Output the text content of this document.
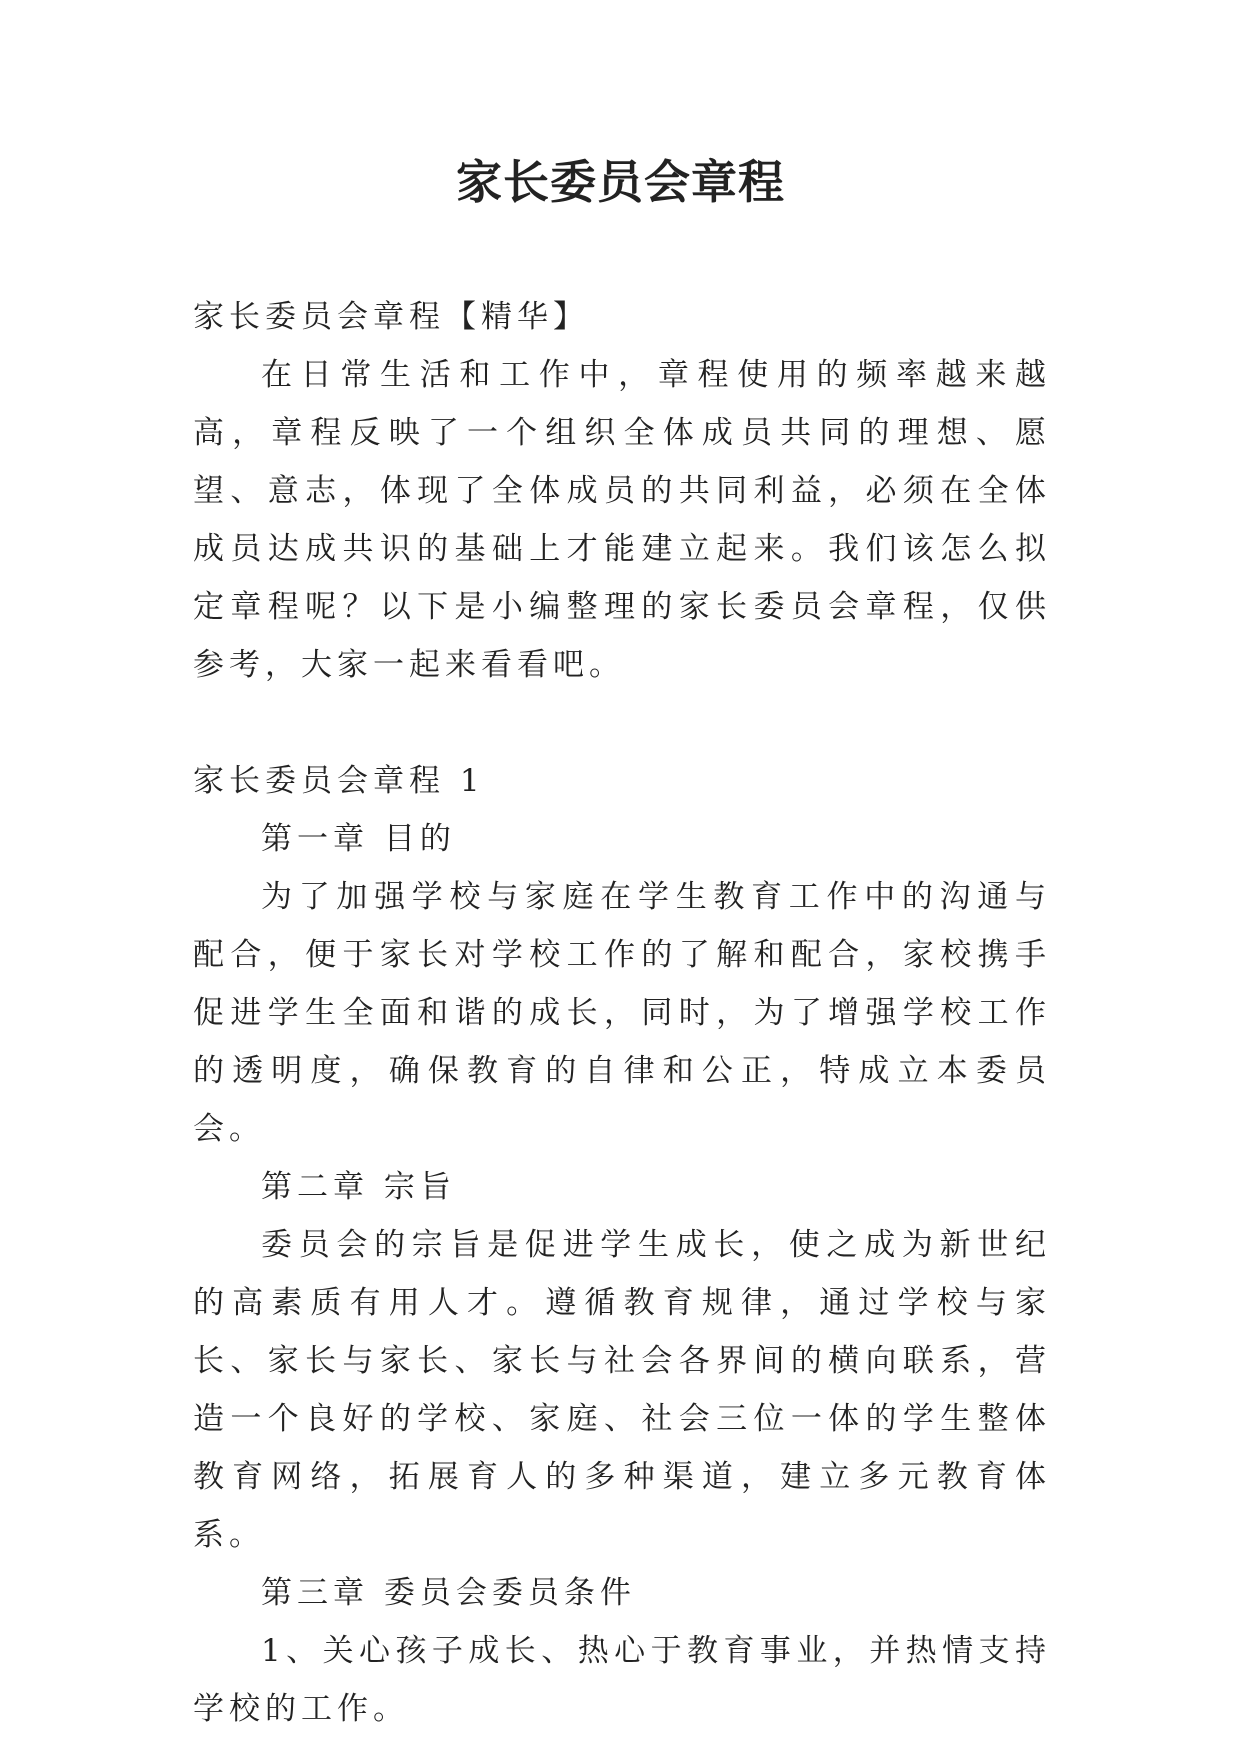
家长委员会章程

家长委员会章程【精华】

在日常生活和工作中，章程使用的频率越来越高，章程反映了一个组织全体成员共同的理想、愿望、意志，体现了全体成员的共同利益，必须在全体成员达成共识的基础上才能建立起来。我们该怎么拟定章程呢？以下是小编整理的家长委员会章程，仅供参考，大家一起来看看吧。

家长委员会章程 1

第一章 目的

为了加强学校与家庭在学生教育工作中的沟通与配合，便于家长对学校工作的了解和配合，家校携手促进学生全面和谐的成长，同时，为了增强学校工作的透明度，确保教育的自律和公正，特成立本委员会。

第二章 宗旨

委员会的宗旨是促进学生成长，使之成为新世纪的高素质有用人才。遵循教育规律，通过学校与家长、家长与家长、家长与社会各界间的横向联系，营造一个良好的学校、家庭、社会三位一体的学生整体教育网络，拓展育人的多种渠道，建立多元教育体系。

第三章 委员会委员条件

1、关心孩子成长、热心于教育事业，并热情支持学校的工作。
